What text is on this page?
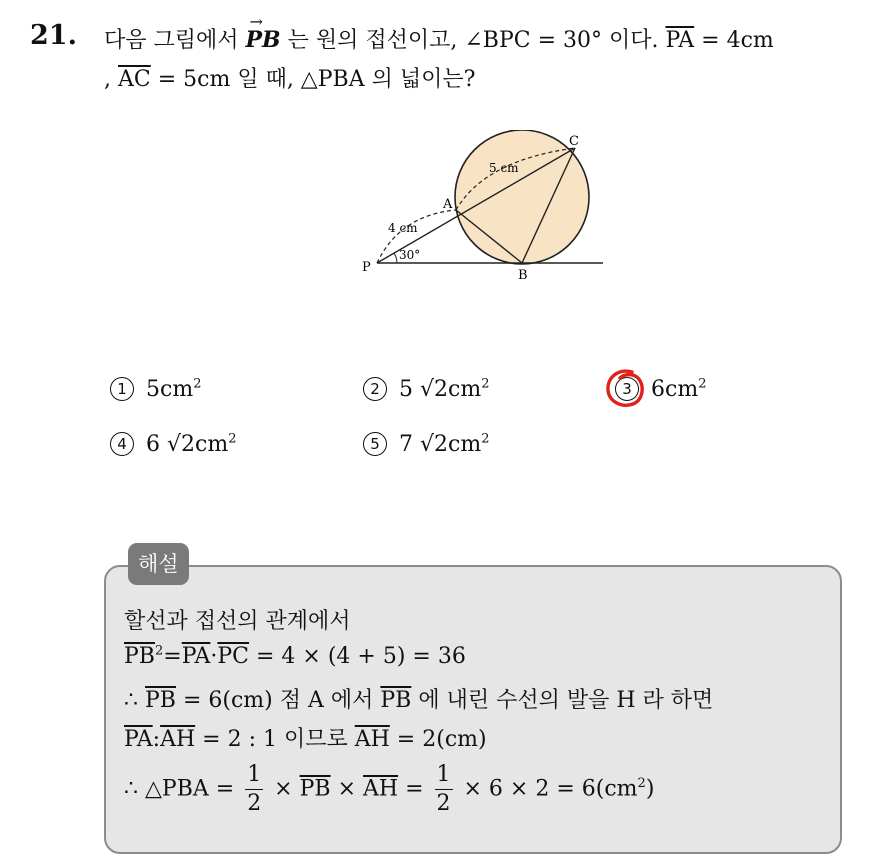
21. 다음 그림에서 → PB 는 원의 접선이고, ∠BPC = 30° 이다. $\overline{PA} = 4cm$
, $\overline{AC} = 5cm$ 일 때, △PBA 의 넓이는?
C
A
B
P
5 cm
4 cm
30°
1 $5cm^2$	2 5 $√2cm^2$	3 $6cm^2$
4 6 $√2cm^2$	5 7 $√2cm^2$
해설
할선과 접선의 관계에서
$\overline{PB}^2=\overline{PA}\cdot\overline{PC} = 4 \times (4 + 5) = 36$
∴ $\overline{PB} = 6(cm)$ 점 A 에서 $\overline{PB}$ 에 내린 수선의 발을 H 라 하면
$\overline{PA}:\overline{AH} = 2$ : 1 이므로 $\overline{AH} = 2(cm)$
∴ △PBA = $\frac{1}{2} \times \overline{PB} \times \overline{AH} = \frac{1}{2} \times 6 \times 2 = 6(cm^2)$
